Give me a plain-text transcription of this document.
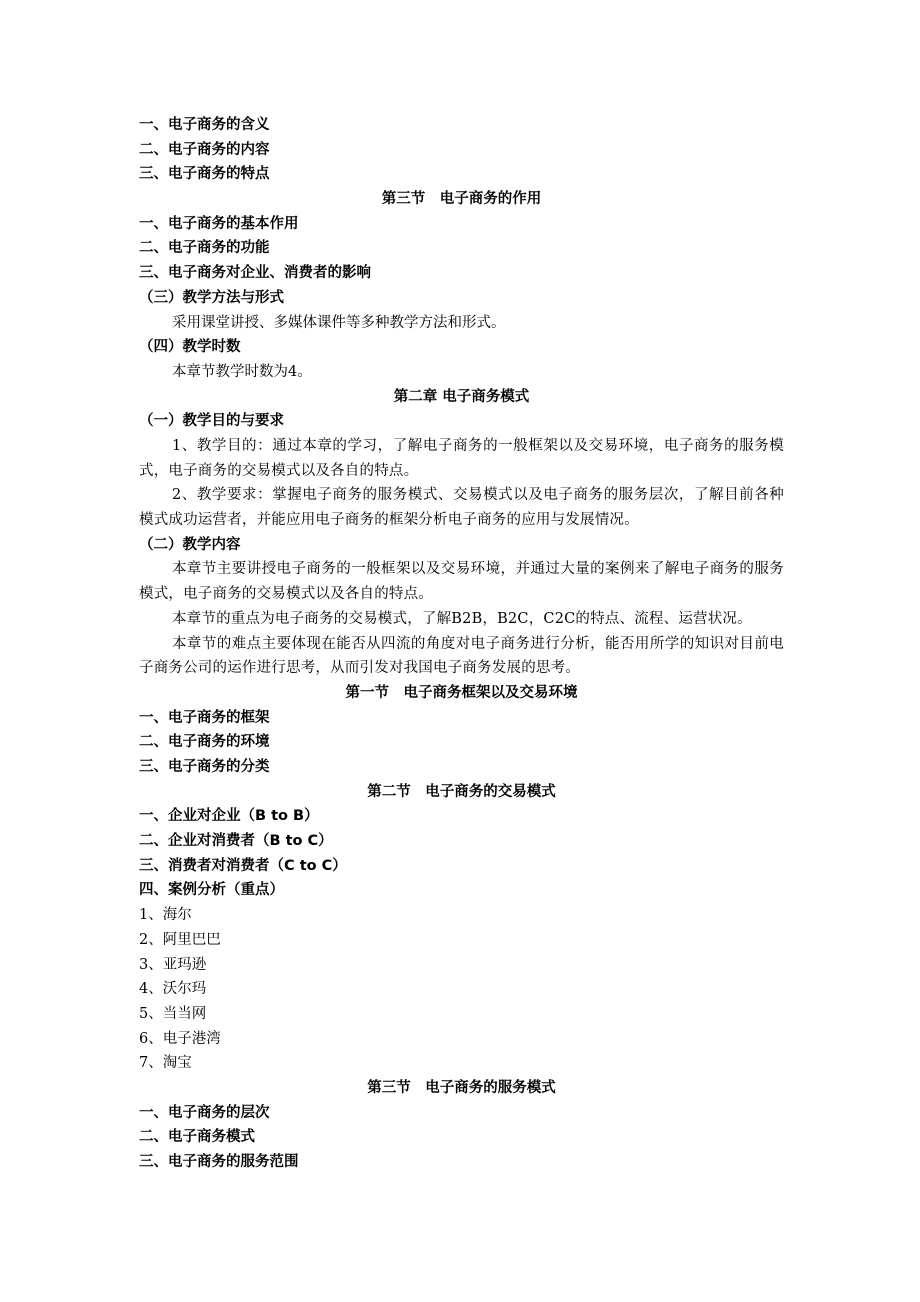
一、电子商务的含义
二、电子商务的内容
三、电子商务的特点
第三节　电子商务的作用
一、电子商务的基本作用
二、电子商务的功能
三、电子商务对企业、消费者的影响
（三）教学方法与形式
采用课堂讲授、多媒体课件等多种教学方法和形式。
（四）教学时数
本章节教学时数为4。
第二章 电子商务模式
（一）教学目的与要求

1、教学目的：通过本章的学习，了解电子商务的一般框架以及交易环境，电子商务的服务模式，电子商务的交易模式以及各自的特点。

2、教学要求：掌握电子商务的服务模式、交易模式以及电子商务的服务层次，了解目前各种模式成功运营者，并能应用电子商务的框架分析电子商务的应用与发展情况。

（二）教学内容

本章节主要讲授电子商务的一般框架以及交易环境，并通过大量的案例来了解电子商务的服务模式，电子商务的交易模式以及各自的特点。

本章节的重点为电子商务的交易模式，了解B2B，B2C，C2C的特点、流程、运营状况。

本章节的难点主要体现在能否从四流的角度对电子商务进行分析，能否用所学的知识对目前电子商务公司的运作进行思考，从而引发对我国电子商务发展的思考。

第一节　电子商务框架以及交易环境
一、电子商务的框架
二、电子商务的环境
三、电子商务的分类
第二节　电子商务的交易模式
一、企业对企业（B to B）
二、企业对消费者（B to C）
三、消费者对消费者（C to C）
四、案例分析（重点）
1、海尔
2、阿里巴巴
3、亚玛逊
4、沃尔玛
5、当当网
6、电子港湾
7、淘宝
第三节　电子商务的服务模式
一、电子商务的层次
二、电子商务模式
三、电子商务的服务范围
